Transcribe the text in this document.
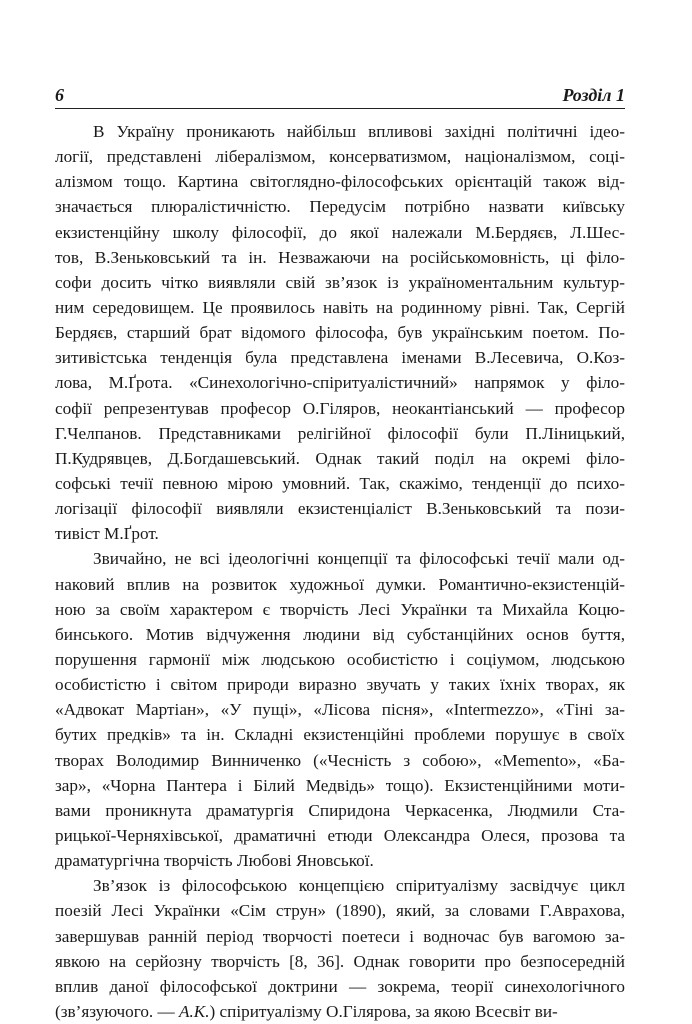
6	Розділ 1
В Україну проникають найбільш впливові західні політичні ідео-
логії, представлені лібералізмом, консерватизмом, націоналізмом, соці-
алізмом тощо. Картина світоглядно-філософських орієнтацій також від-
значається плюралістичністю. Передусім потрібно назвати київську
екзистенційну школу філософії, до якої належали М.Бердяєв, Л.Шес-
тов, В.Зеньковський та ін. Незважаючи на російськомовність, ці філо-
софи досить чітко виявляли свій зв’язок із українoментальним культур-
ним середовищем. Це проявилось навіть на родинному рівні. Так, Сергій
Бердяєв, старший брат відомого філософа, був українським поетом. По-
зитивістська тенденція була представлена іменами В.Лесевича, О.Коз-
лова, М.Ґрота. «Синехологічно-спіритуалістичний» напрямок у філо-
софії репрезентував професор О.Гіляров, неокантіанський — професор
Г.Челпанов. Представниками релігійної філософії були П.Ліницький,
П.Кудрявцев, Д.Богдашевський. Однак такий поділ на окремі філо-
софські течії певною мірою умовний. Так, скажімо, тенденції до психо-
логізації філософії виявляли екзистенціаліст В.Зеньковський та пози-
тивіст М.Ґрот.
Звичайно, не всі ідеологічні концепції та філософські течії мали од-
наковий вплив на розвиток художньої думки. Романтично-екзистенцій-
ною за своїм характером є творчість Лесі Українки та Михайла Коцю-
бинського. Мотив відчуження людини від субстанційних основ буття,
порушення гармонії між людською особистістю і соціумом, людською
особистістю і світом природи виразно звучать у таких їхніх творах, як
«Адвокат Мартіан», «У пущі», «Лісова пісня», «Intermezzo», «Тіні за-
бутих предків» та ін. Складні екзистенційні проблеми порушує в своїх
творах Володимир Винниченко («Чесність з собою», «Memento», «Ба-
зар», «Чорна Пантера і Білий Медвідь» тощо). Екзистенційними моти-
вами проникнута драматургія Спиридона Черкасенка, Людмили Ста-
рицької-Черняхівської, драматичні етюди Олександра Олеся, прозова та
драматургічна творчість Любові Яновської.
Зв’язок із філософською концепцією спіритуалізму засвідчує цикл
поезій Лесі Українки «Сім струн» (1890), який, за словами Г.Аврахова,
завершував ранній період творчості поетеси і водночас був вагомою за-
явкою на серйозну творчість [8, 36]. Однак говорити про безпосередній
вплив даної філософської доктрини — зокрема, теорії синехологічного
(зв’язуючого. — А.К.) спіритуалізму О.Гілярова, за якою Всесвіт ви-
